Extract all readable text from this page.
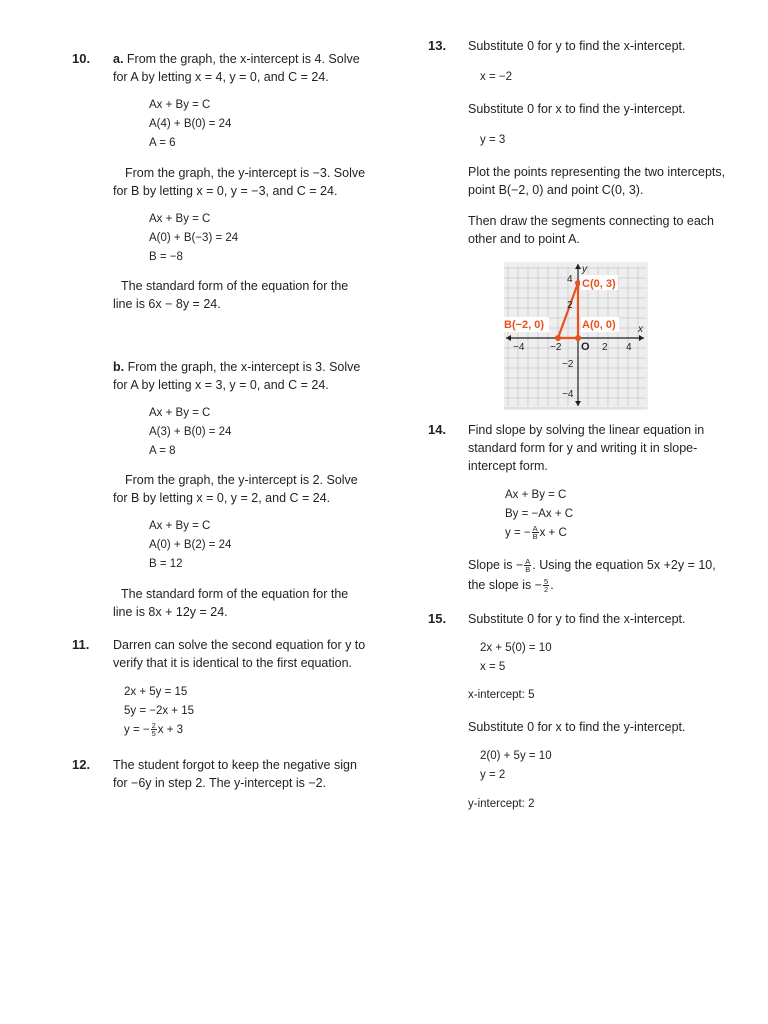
10. a. From the graph, the x-intercept is 4. Solve
for A by letting x = 4, y = 0, and C = 24.
Ax + By = C
A(4) + B(0) = 24
A = 6
From the graph, the y-intercept is −3. Solve
for B by letting x = 0, y = −3, and C = 24.
Ax + By = C
A(0) + B(−3) = 24
B = −8
The standard form of the equation for the
line is 6x − 8y = 24.
b. From the graph, the x-intercept is 3. Solve
for A by letting x = 3, y = 0, and C = 24.
Ax + By = C
A(3) + B(0) = 24
A = 8
From the graph, the y-intercept is 2. Solve
for B by letting x = 0, y = 2, and C = 24.
Ax + By = C
A(0) + B(2) = 24
B = 12
The standard form of the equation for the
line is 8x + 12y = 24.
11. Darren can solve the second equation for y to
verify that it is identical to the first equation.
2x + 5y = 15
5y = −2x + 15
y = − $\frac{2}{5}$ x + 3
12. The student forgot to keep the negative sign
for −6y in step 2. The y-intercept is −2.
13. Substitute 0 for y to find the x-intercept.
x = −2
Substitute 0 for x to find the y-intercept.
y = 3
Plot the points representing the two intercepts,
point B(−2, 0) and point C(0, 3).
Then draw the segments connecting to each
other and to point A.
C(0, 3)
A(0, 0)
B(−2, 0)	x
y
O
−4	−2	2 4
4
2
−2
−4
14. Find slope by solving the linear equation in
standard form for y and writing it in slope-
intercept form.
Ax + By = C
By = −Ax + C
y = − $\frac{A}{B}$ x + C
Slope is − $\frac{A}{B}$ . Using the equation 5x +2y = 10,
the slope is − $\frac{5}{2}$ .
15. Substitute 0 for y to find the x-intercept.
2x + 5(0) = 10
x = 5
x-intercept: 5
Substitute 0 for x to find the y-intercept.
2(0) + 5y = 10
y = 2
y-intercept: 2
